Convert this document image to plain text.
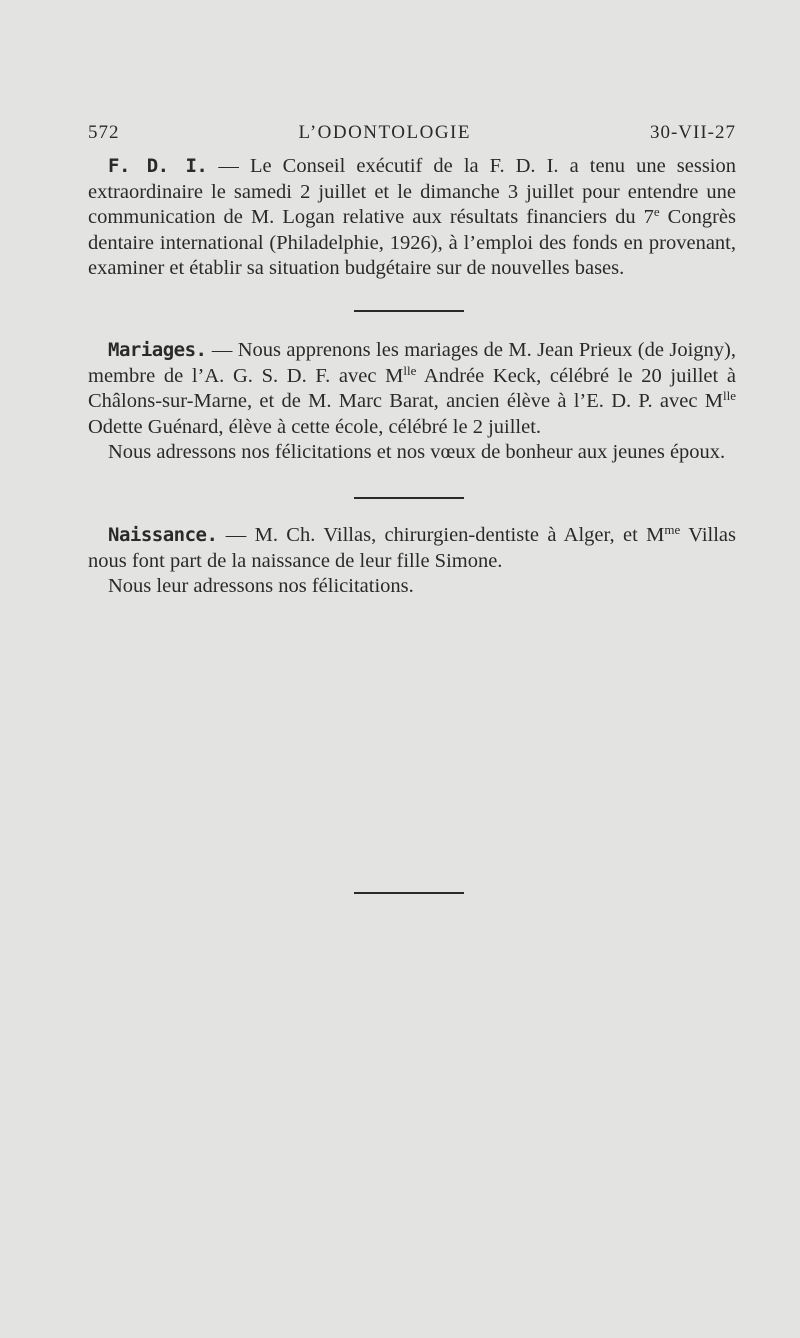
572	L’ODONTOLOGIE	30-VII-27

F. D. I. — Le Conseil exécutif de la F. D. I. a tenu une session extraordinaire le samedi 2 juillet et le dimanche 3 juillet pour entendre une communication de M. Logan relative aux résultats financiers du 7e Congrès dentaire international (Philadelphie, 1926), à l’emploi des fonds en provenant, examiner et établir sa situation budgétaire sur de nouvelles bases.

Mariages. — Nous apprenons les mariages de M. Jean Prieux (de Joigny), membre de l’A. G. S. D. F. avec $M^{lle}$ Andrée Keck, célébré le 20 juillet à Châlons-sur-Marne, et de M. Marc Barat, ancien élève à l’E. D. P. avec $M^{lle}$ Odette Guénard, élève à cette école, célébré le 2 juillet.

Nous adressons nos félicitations et nos vœux de bonheur aux jeunes époux.

Naissance. — M. Ch. Villas, chirurgien-dentiste à Alger, et $M^{me}$ Villas nous font part de la naissance de leur fille Simone.

Nous leur adressons nos félicitations.
